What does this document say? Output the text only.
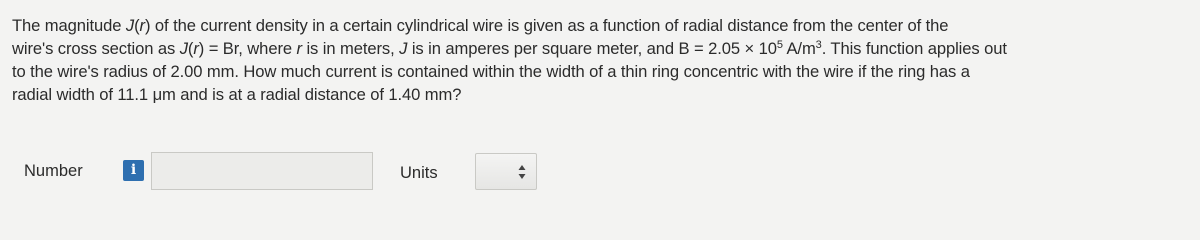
The magnitude J(r) of the current density in a certain cylindrical wire is given as a function of radial distance from the center of the
wire's cross section as J(r) = Br, where r is in meters, J is in amperes per square meter, and $B = 2.05 \times 10^5$ $A/m^3$. This function applies out
to the wire's radius of 2.00 mm. How much current is contained within the width of a thin ring concentric with the wire if the ring has a
radial width of 11.1 μm and is at a radial distance of 1.40 mm?
Number	i	Units
